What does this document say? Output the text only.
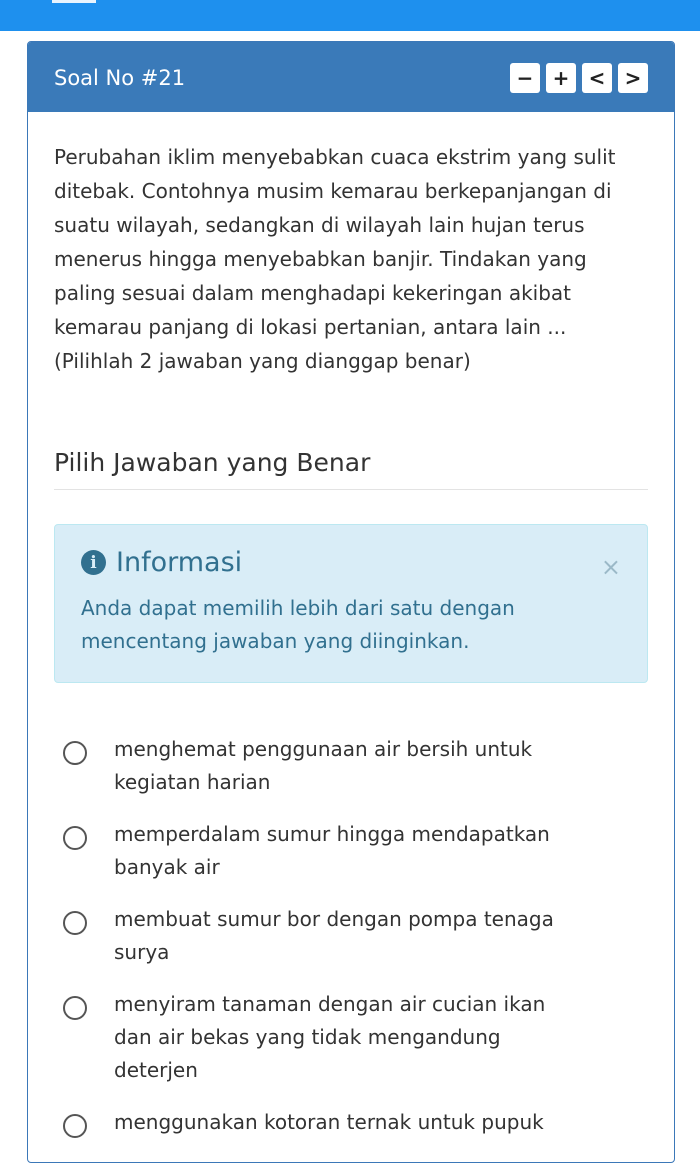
Soal No #21	− + < >

Perubahan iklim menyebabkan cuaca ekstrim yang sulit ditebak. Contohnya musim kemarau berkepanjangan di suatu wilayah, sedangkan di wilayah lain hujan terus menerus hingga menyebabkan banjir. Tindakan yang paling sesuai dalam menghadapi kekeringan akibat kemarau panjang di lokasi pertanian, antara lain ... (Pilihlah 2 jawaban yang dianggap benar)

Pilih Jawaban yang Benar
i Informasi	×
Anda dapat memilih lebih dari satu dengan mencentang jawaban yang diinginkan.
menghemat penggunaan air bersih untuk kegiatan harian
memperdalam sumur hingga mendapatkan banyak air
membuat sumur bor dengan pompa tenaga surya
menyiram tanaman dengan air cucian ikan dan air bekas yang tidak mengandung deterjen
menggunakan kotoran ternak untuk pupuk
